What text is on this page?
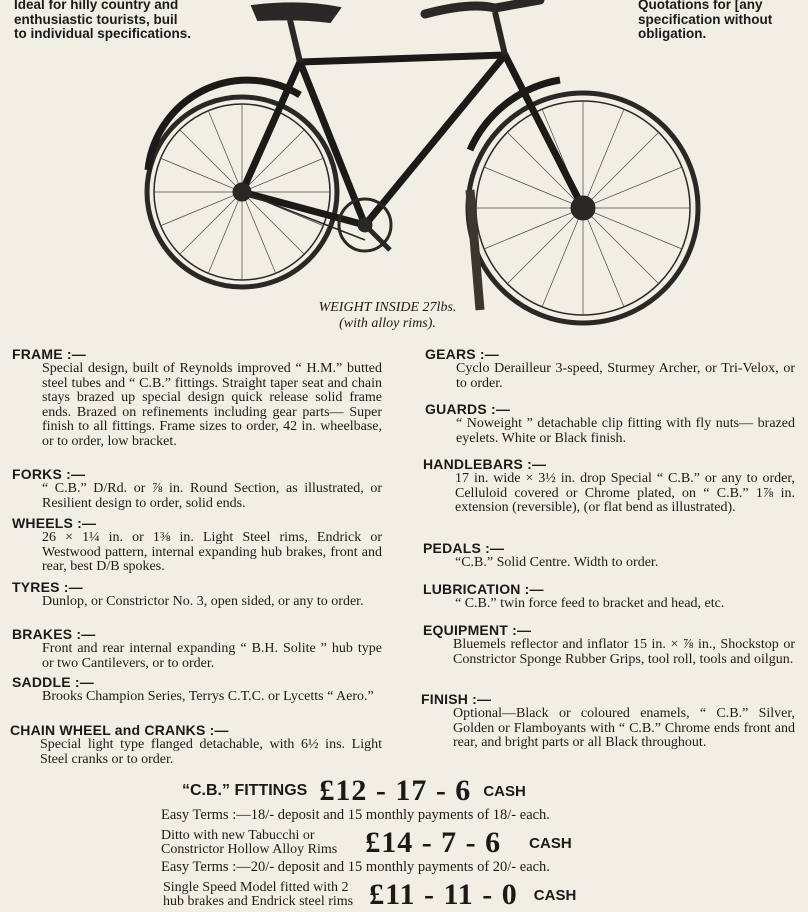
Ideal for hilly country and
enthusiastic tourists, buil
to individual specifications.
Quotations for [any
specification without
obligation.
WEIGHT INSIDE 27lbs.
(with alloy rims).
FRAME :—

Special design, built of Reynolds improved “ H.M.” butted steel tubes and “ C.B.” fittings. Straight taper seat and chain stays brazed up special design quick release solid frame ends. Brazed on refinements including gear parts— Super finish to all fittings. Frame sizes to order, 42 in. wheelbase, or to order, low bracket.

FORKS :—

“ C.B.” D/Rd. or ⅞ in. Round Section, as illustrated, or Resilient design to order, solid ends.

WHEELS :—

26 × 1¼ in. or 1⅜ in. Light Steel rims, Endrick or Westwood pattern, internal expanding hub brakes, front and rear, best D/B spokes.

TYRES :—

Dunlop, or Constrictor No. 3, open sided, or any to order.

BRAKES :—

Front and rear internal expanding “ B.H. Solite ” hub type or two Cantilevers, or to order.

SADDLE :—

Brooks Champion Series, Terrys C.T.C. or Lycetts “ Aero.”

CHAIN WHEEL and CRANKS :—

Special light type flanged detachable, with 6½ ins. Light Steel cranks or to order.

GEARS :—

Cyclo Derailleur 3-speed, Sturmey Archer, or Tri-Velox, or to order.

GUARDS :—

“ Noweight ” detachable clip fitting with fly nuts— brazed eyelets. White or Black finish.

HANDLEBARS :—

17 in. wide × 3½ in. drop Special “ C.B.” or any to order, Celluloid covered or Chrome plated, on “ C.B.” 1⅞ in. extension (reversible), (or flat bend as illustrated).

PEDALS :—

“C.B.” Solid Centre. Width to order.

LUBRICATION :—

“ C.B.” twin force feed to bracket and head, etc.

EQUIPMENT :—

Bluemels reflector and inflator 15 in. × ⅞ in., Shockstop or Constrictor Sponge Rubber Grips, tool roll, tools and oilgun.

FINISH :—

Optional—Black or coloured enamels, “ C.B.” Silver, Golden or Flamboyants with “ C.B.” Chrome ends front and rear, and bright parts or all Black throughout.

“C.B.” FITTINGS £12 - 17 - 6 CASH
Easy Terms :—18/- deposit and 15 monthly payments of 18/- each.
Ditto with new Tabucchi or
Constrictor Hollow Alloy Rims £14 - 7 - 6 CASH
Easy Terms :—20/- deposit and 15 monthly payments of 20/- each.
Single Speed Model fitted with 2
hub brakes and Endrick steel rims £11 - 11 - 0 CASH
